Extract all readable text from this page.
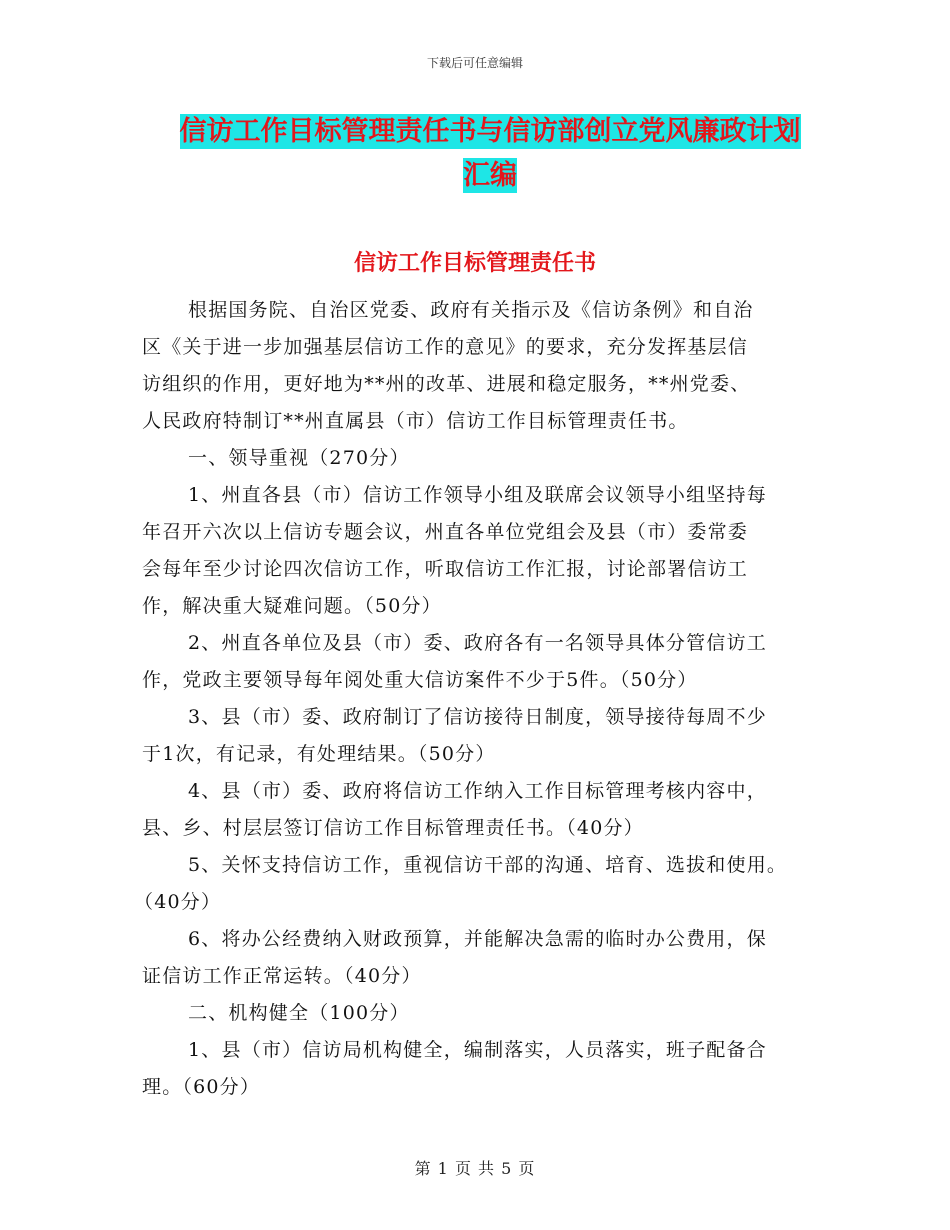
下载后可任意编辑
信访工作目标管理责任书与信访部创立党风廉政计划
汇编
信访工作目标管理责任书
根据国务院、自治区党委、政府有关指示及《信访条例》和自治
区《关于进一步加强基层信访工作的意见》的要求，充分发挥基层信
访组织的作用，更好地为**州的改革、进展和稳定服务，**州党委、
人民政府特制订**州直属县（市）信访工作目标管理责任书。
一、领导重视（270分）
1、州直各县（市）信访工作领导小组及联席会议领导小组坚持每
年召开六次以上信访专题会议，州直各单位党组会及县（市）委常委
会每年至少讨论四次信访工作，听取信访工作汇报，讨论部署信访工
作，解决重大疑难问题。（50分）
2、州直各单位及县（市）委、政府各有一名领导具体分管信访工
作，党政主要领导每年阅处重大信访案件不少于5件。（50分）
3、县（市）委、政府制订了信访接待日制度，领导接待每周不少
于1次，有记录，有处理结果。（50分）
4、县（市）委、政府将信访工作纳入工作目标管理考核内容中，
县、乡、村层层签订信访工作目标管理责任书。（40分）
5、关怀支持信访工作，重视信访干部的沟通、培育、选拔和使用。
（40分）
6、将办公经费纳入财政预算，并能解决急需的临时办公费用，保
证信访工作正常运转。（40分）
二、机构健全（100分）
1、县（市）信访局机构健全，编制落实，人员落实，班子配备合
理。（60分）
第 1 页 共 5 页
